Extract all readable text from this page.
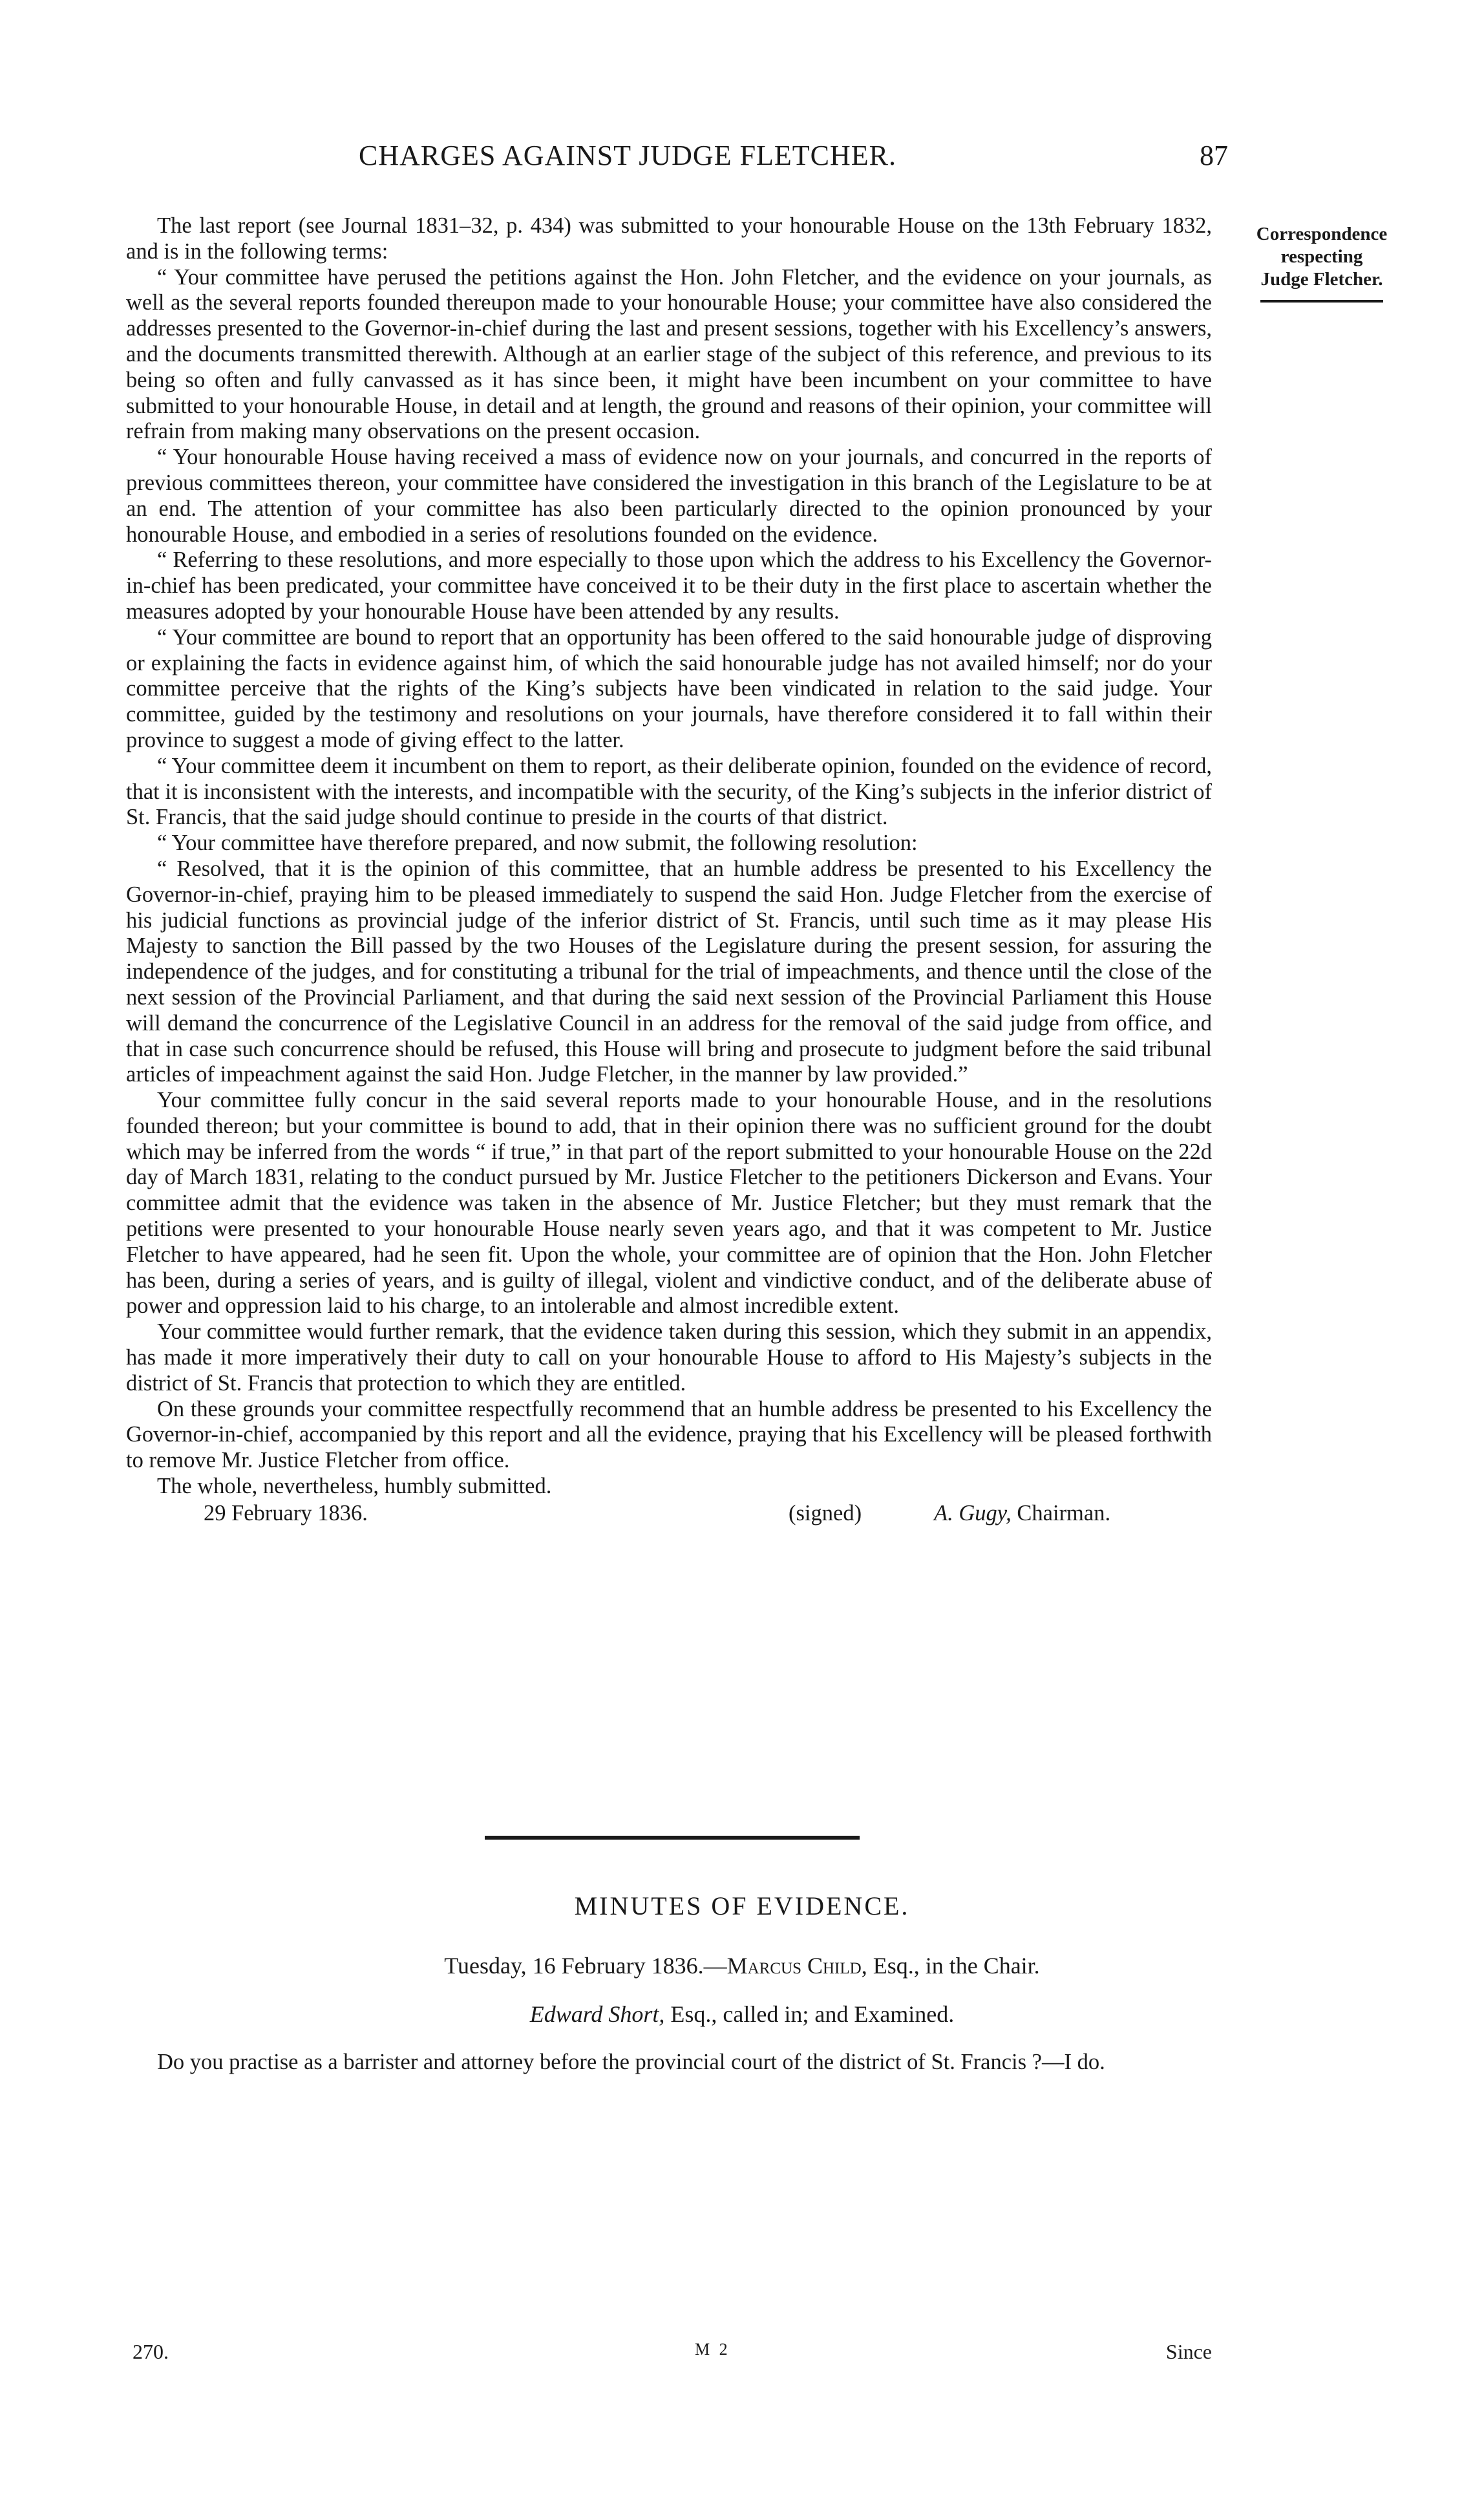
CHARGES AGAINST JUDGE FLETCHER.	87
Correspondence
respecting
Judge Fletcher.

The last report (see Journal 1831–32, p. 434) was submitted to your honourable House on the 13th February 1832, and is in the following terms:

“ Your committee have perused the petitions against the Hon. John Fletcher, and the evidence on your journals, as well as the several reports founded thereupon made to your honourable House; your committee have also considered the addresses presented to the Governor-in-chief during the last and present sessions, together with his Excellency’s answers, and the documents transmitted therewith. Although at an earlier stage of the subject of this reference, and previous to its being so often and fully canvassed as it has since been, it might have been incumbent on your committee to have submitted to your honourable House, in detail and at length, the ground and reasons of their opinion, your committee will refrain from making many observations on the present occasion.

“ Your honourable House having received a mass of evidence now on your journals, and concurred in the reports of previous committees thereon, your committee have considered the investigation in this branch of the Legislature to be at an end. The attention of your committee has also been particularly directed to the opinion pronounced by your honourable House, and embodied in a series of resolutions founded on the evidence.

“ Referring to these resolutions, and more especially to those upon which the address to his Excellency the Governor-in-chief has been predicated, your committee have conceived it to be their duty in the first place to ascertain whether the measures adopted by your honourable House have been attended by any results.

“ Your committee are bound to report that an opportunity has been offered to the said honourable judge of disproving or explaining the facts in evidence against him, of which the said honourable judge has not availed himself; nor do your committee perceive that the rights of the King’s subjects have been vindicated in relation to the said judge. Your committee, guided by the testimony and resolutions on your journals, have therefore considered it to fall within their province to suggest a mode of giving effect to the latter.

“ Your committee deem it incumbent on them to report, as their deliberate opinion, founded on the evidence of record, that it is inconsistent with the interests, and incompatible with the security, of the King’s subjects in the inferior district of St. Francis, that the said judge should continue to preside in the courts of that district.

“ Your committee have therefore prepared, and now submit, the following resolution:

“ Resolved, that it is the opinion of this committee, that an humble address be presented to his Excellency the Governor-in-chief, praying him to be pleased immediately to suspend the said Hon. Judge Fletcher from the exercise of his judicial functions as provincial judge of the inferior district of St. Francis, until such time as it may please His Majesty to sanction the Bill passed by the two Houses of the Legislature during the present session, for assuring the independence of the judges, and for constituting a tribunal for the trial of impeachments, and thence until the close of the next session of the Provincial Parliament, and that during the said next session of the Provincial Parliament this House will demand the concurrence of the Legislative Council in an address for the removal of the said judge from office, and that in case such concurrence should be refused, this House will bring and prosecute to judgment before the said tribunal articles of impeachment against the said Hon. Judge Fletcher, in the manner by law provided.”

Your committee fully concur in the said several reports made to your honourable House, and in the resolutions founded thereon; but your committee is bound to add, that in their opinion there was no sufficient ground for the doubt which may be inferred from the words “ if true,” in that part of the report submitted to your honourable House on the 22d day of March 1831, relating to the conduct pursued by Mr. Justice Fletcher to the petitioners Dickerson and Evans. Your committee admit that the evidence was taken in the absence of Mr. Justice Fletcher; but they must remark that the petitions were presented to your honourable House nearly seven years ago, and that it was competent to Mr. Justice Fletcher to have appeared, had he seen fit. Upon the whole, your committee are of opinion that the Hon. John Fletcher has been, during a series of years, and is guilty of illegal, violent and vindictive conduct, and of the deliberate abuse of power and oppression laid to his charge, to an intolerable and almost incredible extent.

Your committee would further remark, that the evidence taken during this session, which they submit in an appendix, has made it more imperatively their duty to call on your honourable House to afford to His Majesty’s subjects in the district of St. Francis that protection to which they are entitled.

On these grounds your committee respectfully recommend that an humble address be presented to his Excellency the Governor-in-chief, accompanied by this report and all the evidence, praying that his Excellency will be pleased forthwith to remove Mr. Justice Fletcher from office.

The whole, nevertheless, humbly submitted.

29 February 1836.	(signed)	A. Gugy, Chairman.
MINUTES OF EVIDENCE.
Tuesday, 16 February 1836.—Marcus Child, Esq., in the Chair.
Edward Short, Esq., called in; and Examined.
Do you practise as a barrister and attorney before the provincial court of the district of St. Francis ?—I do.
270.	M 2	Since
